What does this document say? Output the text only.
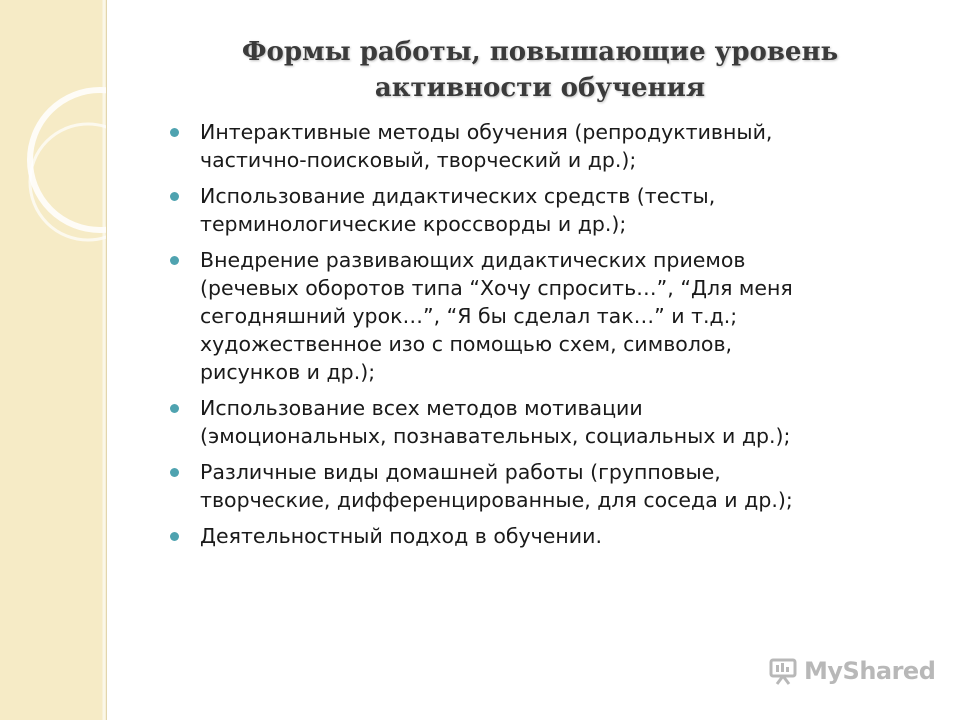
Формы работы, повышающие уровень
активности обучения
Интерактивные методы обучения (репродуктивный,
частично-поисковый, творческий и др.);
Использование дидактических средств (тесты,
терминологические кроссворды и др.);
Внедрение развивающих дидактических приемов
(речевых оборотов типа “Хочу спросить…”, “Для меня
сегодняшний урок…”, “Я бы сделал так…” и т.д.;
художественное изо с помощью схем, символов,
рисунков и др.);
Использование всех методов мотивации
(эмоциональных, познавательных, социальных и др.);
Различные виды домашней работы (групповые,
творческие, дифференцированные, для соседа и др.);
Деятельностный подход в обучении.
MyShared
